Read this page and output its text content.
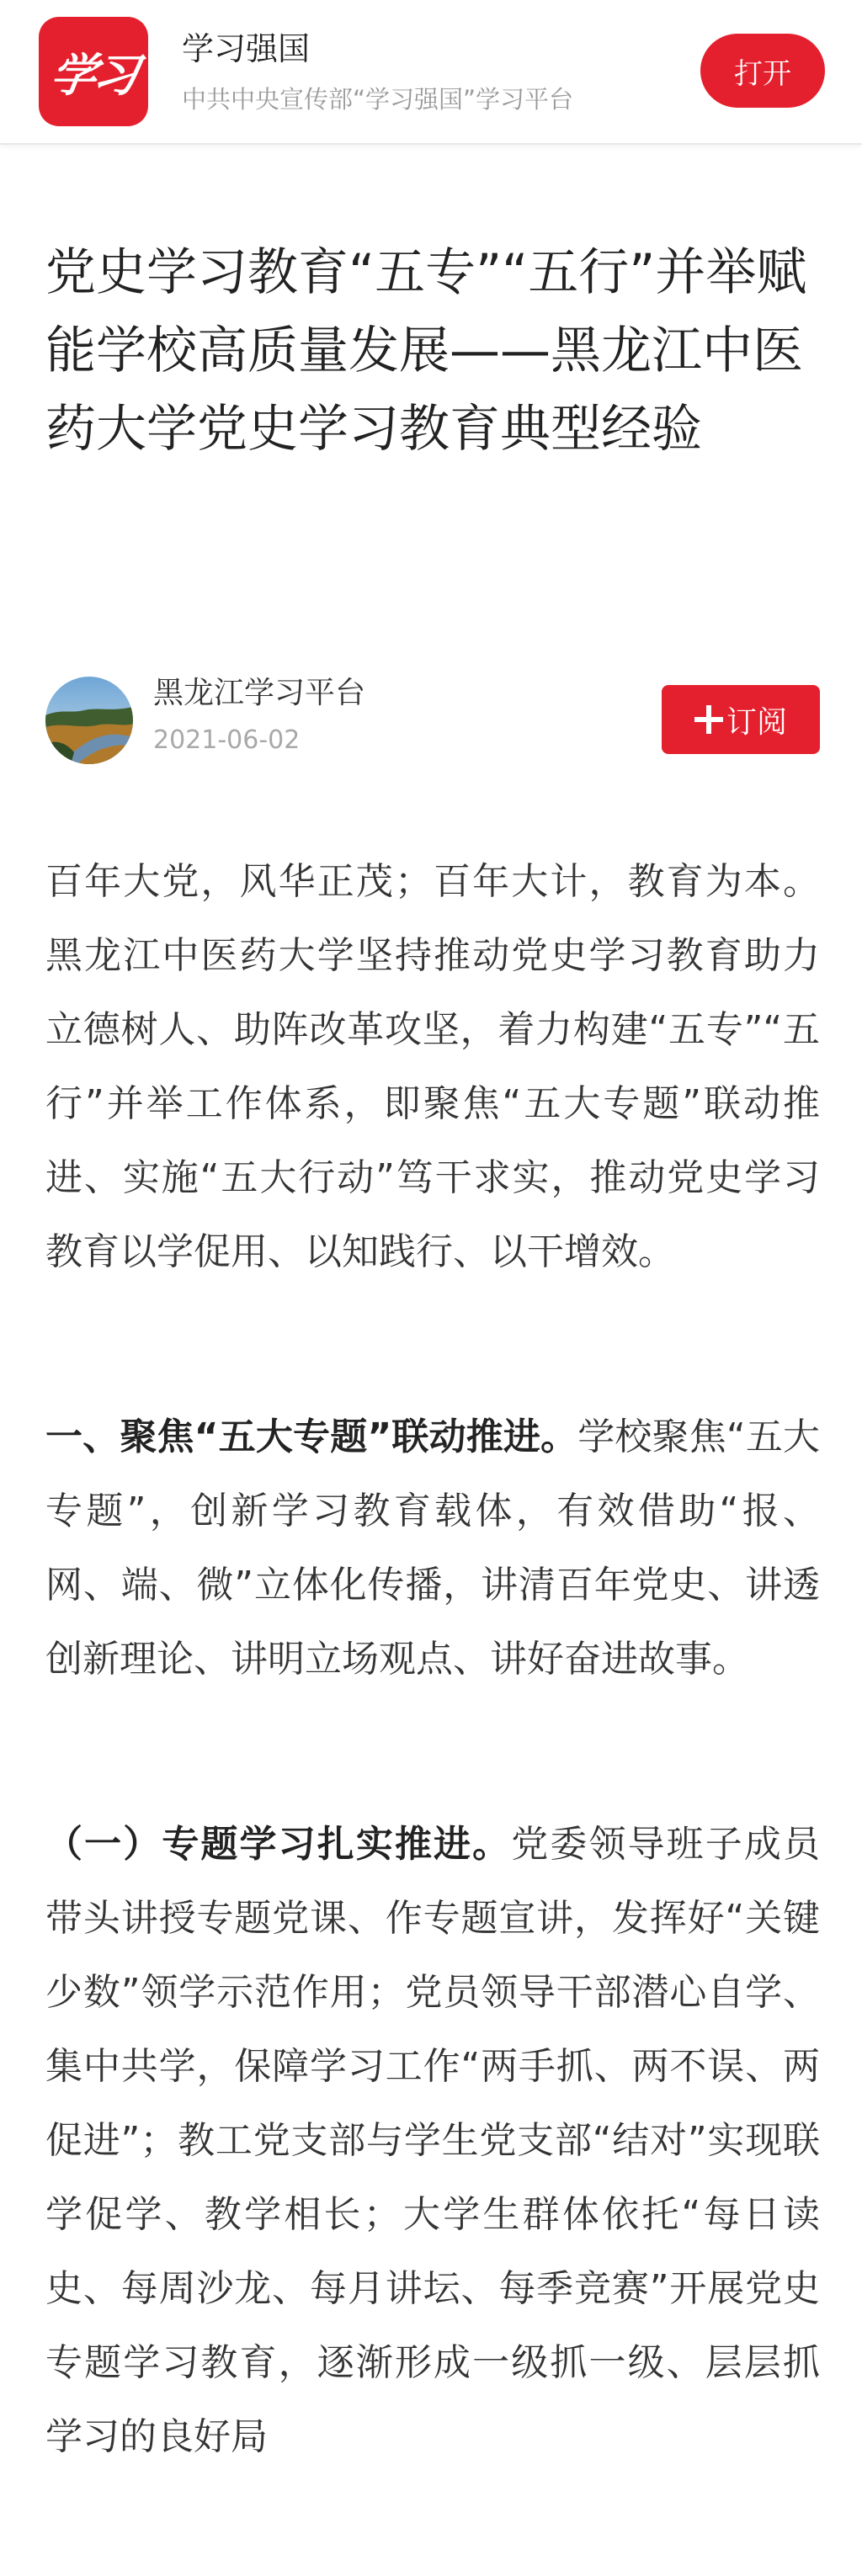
学习 学习强国
中共中央宣传部“学习强国”学习平台
打开
党史学习教育“五专”“五行”并举赋能学校高质量发展——黑龙江中医药大学党史学习教育典型经验
黑龙江学习平台
2021-06-02
订阅

百年大党，风华正茂；百年大计，教育为本。黑龙江中医药大学坚持推动党史学习教育助力立德树人、助阵改革攻坚，着力构建“五专”“五行”并举工作体系，即聚焦“五大专题”联动推进、实施“五大行动”笃干求实，推动党史学习教育以学促用、以知践行、以干增效。

一、聚焦“五大专题”联动推进。学校聚焦“五大专题”，创新学习教育载体，有效借助“报、网、端、微”立体化传播，讲清百年党史、讲透创新理论、讲明立场观点、讲好奋进故事。

（一）专题学习扎实推进。党委领导班子成员带头讲授专题党课、作专题宣讲，发挥好“关键少数”领学示范作用；党员领导干部潜心自学、集中共学，保障学习工作“两手抓、两不误、两促进”；教工党支部与学生党支部“结对”实现联学促学、教学相长；大学生群体依托“每日读史、每周沙龙、每月讲坛、每季竞赛”开展党史专题学习教育，逐渐形成一级抓一级、层层抓学习的良好局
